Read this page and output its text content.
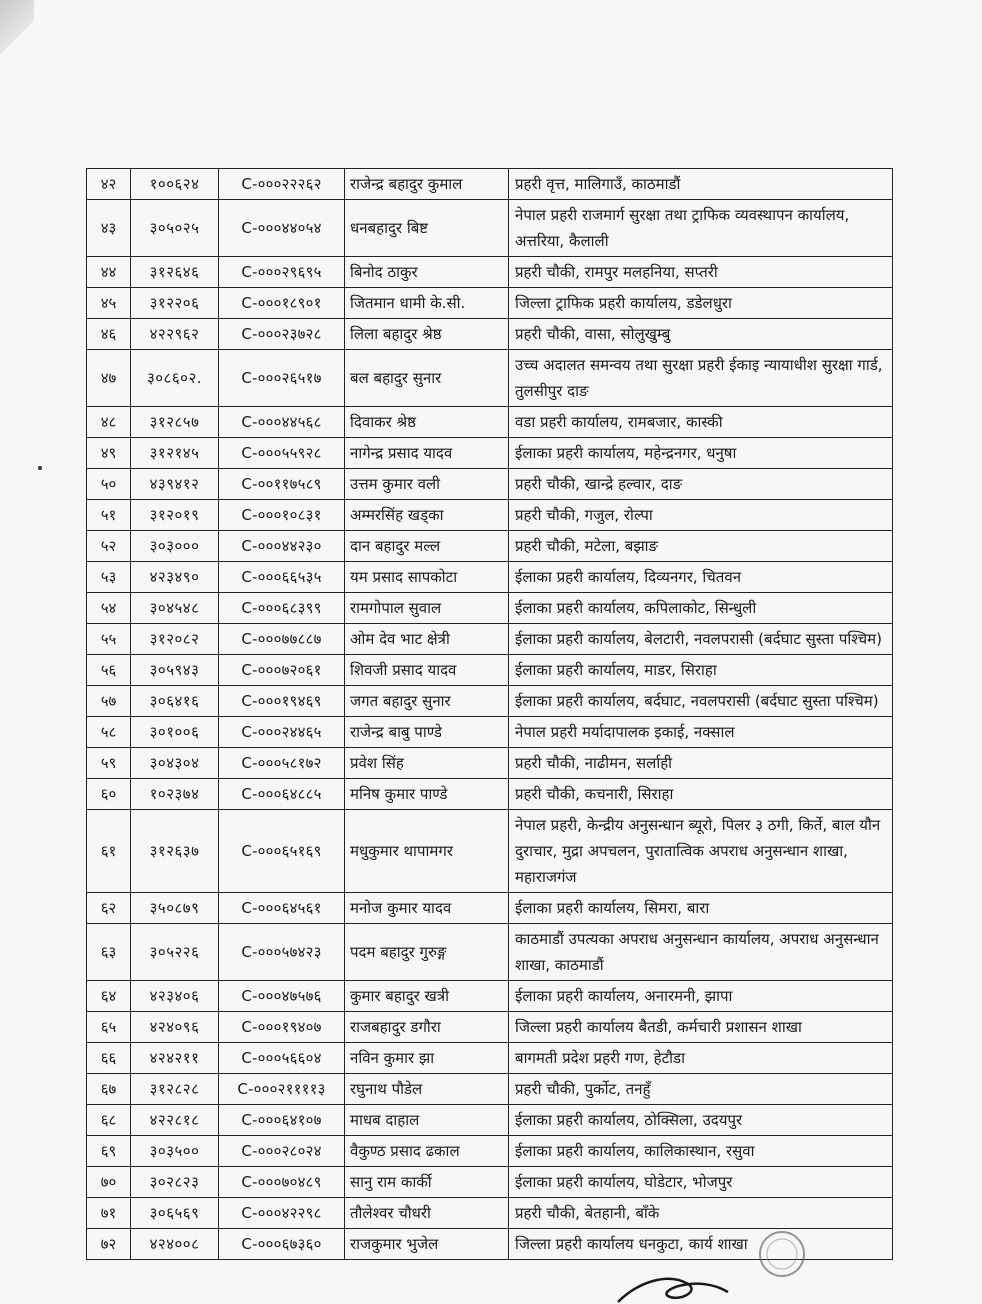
४२	१००६२४	C-०००२२२६२	राजेन्द्र बहादुर कुमाल	प्रहरी वृत्त, मालिगाउँ, काठमाडौं
४३	३०५०२५	C-०००४४०५४	धनबहादुर बिष्ट	नेपाल प्रहरी राजमार्ग सुरक्षा तथा ट्राफिक व्यवस्थापन कार्यालय, अत्तरिया, कैलाली
४४	३१२६४६	C-०००२९६९५	बिनोद ठाकुर	प्रहरी चौकी, रामपुर मलहनिया, सप्तरी
४५	३१२२०६	C-०००१८९०१	जितमान धामी के.सी.	जिल्ला ट्राफिक प्रहरी कार्यालय, डडेलधुरा
४६	४२२९६२	C-०००२३७२८	लिला बहादुर श्रेष्ठ	प्रहरी चौकी, वासा, सोलुखुम्बु
४७	३०८६०२.	C-०००२६५१७	बल बहादुर सुनार	उच्च अदालत समन्वय तथा सुरक्षा प्रहरी ईकाइ न्यायाधीश सुरक्षा गार्ड, तुलसीपुर दाङ
४८	३१२८५७	C-०००४४५६८	दिवाकर श्रेष्ठ	वडा प्रहरी कार्यालय, रामबजार, कास्की
४९	३१२१४५	C-०००५५९२८	नागेन्द्र प्रसाद यादव	ईलाका प्रहरी कार्यालय, महेन्द्रनगर, धनुषा
५०	४३९४१२	C-००११७५८९	उत्तम कुमार वली	प्रहरी चौकी, खान्द्रे हल्वार, दाङ
५१	३१२०१९	C-०००१०८३१	अम्मरसिंह खड्का	प्रहरी चौकी, गजुल, रोल्पा
५२	३०३०००	C-०००४४२३०	दान बहादुर मल्ल	प्रहरी चौकी, मटेला, बझाङ
५३	४२३४९०	C-०००६६५३५	यम प्रसाद सापकोटा	ईलाका प्रहरी कार्यालय, दिव्यनगर, चितवन
५४	३०४५४८	C-०००६८३९९	रामगोपाल सुवाल	ईलाका प्रहरी कार्यालय, कपिलाकोट, सिन्धुली
५५	३१२०८२	C-०००७७८८७	ओम देव भाट क्षेत्री	ईलाका प्रहरी कार्यालय, बेलटारी, नवलपरासी (बर्दघाट सुस्ता पश्चिम)
५६	३०५९४३	C-०००७२०६१	शिवजी प्रसाद यादव	ईलाका प्रहरी कार्यालय, माडर, सिराहा
५७	३०६४१६	C-०००१९४६९	जगत बहादुर सुनार	ईलाका प्रहरी कार्यालय, बर्दघाट, नवलपरासी (बर्दघाट सुस्ता पश्चिम)
५८	३०१००६	C-०००२४४६५	राजेन्द्र बाबु पाण्डे	नेपाल प्रहरी मर्यादापालक इकाई, नक्साल
५९	३०४३०४	C-०००५८१७२	प्रवेश सिंह	प्रहरी चौकी, नाढीमन, सर्लाही
६०	१०२३७४	C-०००६४८८५	मनिष कुमार पाण्डे	प्रहरी चौकी, कचनारी, सिराहा
६१	३१२६३७	C-०००६५१६९	मधुकुमार थापामगर	नेपाल प्रहरी, केन्द्रीय अनुसन्धान ब्यूरो, पिलर ३ ठगी, किर्ते, बाल यौन दुराचार, मुद्रा अपचलन, पुरातात्विक अपराध अनुसन्धान शाखा, महाराजगंज
६२	३५०८७९	C-०००६४५६१	मनोज कुमार यादव	ईलाका प्रहरी कार्यालय, सिमरा, बारा
६३	३०५२२६	C-०००५७४२३	पदम बहादुर गुरुङ्ग	काठमाडौं उपत्यका अपराध अनुसन्धान कार्यालय, अपराध अनुसन्धान शाखा, काठमाडौं
६४	४२३४०६	C-०००४७५७६	कुमार बहादुर खत्री	ईलाका प्रहरी कार्यालय, अनारमनी, झापा
६५	४२४०९६	C-०००१९४०७	राजबहादुर डगौरा	जिल्ला प्रहरी कार्यालय बैतडी, कर्मचारी प्रशासन शाखा
६६	४२४२११	C-०००५६६०४	नविन कुमार झा	बागमती प्रदेश प्रहरी गण, हेटौडा
६७	३१२८२८	C-०००२११११३	रघुनाथ पौडेल	प्रहरी चौकी, पुर्कोट, तनहुँ
६८	४२२८१८	C-०००६४१०७	माधब दाहाल	ईलाका प्रहरी कार्यालय, ठोक्सिला, उदयपुर
६९	३०३५००	C-०००२८०२४	वैकुण्ठ प्रसाद ढकाल	ईलाका प्रहरी कार्यालय, कालिकास्थान, रसुवा
७०	३०२८२३	C-०००७०४८९	सानु राम कार्की	ईलाका प्रहरी कार्यालय, घोडेटार, भोजपुर
७१	३०६५६९	C-०००४२२९८	तौलेश्वर चौधरी	प्रहरी चौकी, बेतहानी, बाँके
७२	४२४००८	C-०००६७३६०	राजकुमार भुजेल	जिल्ला प्रहरी कार्यालय धनकुटा, कार्य शाखा
